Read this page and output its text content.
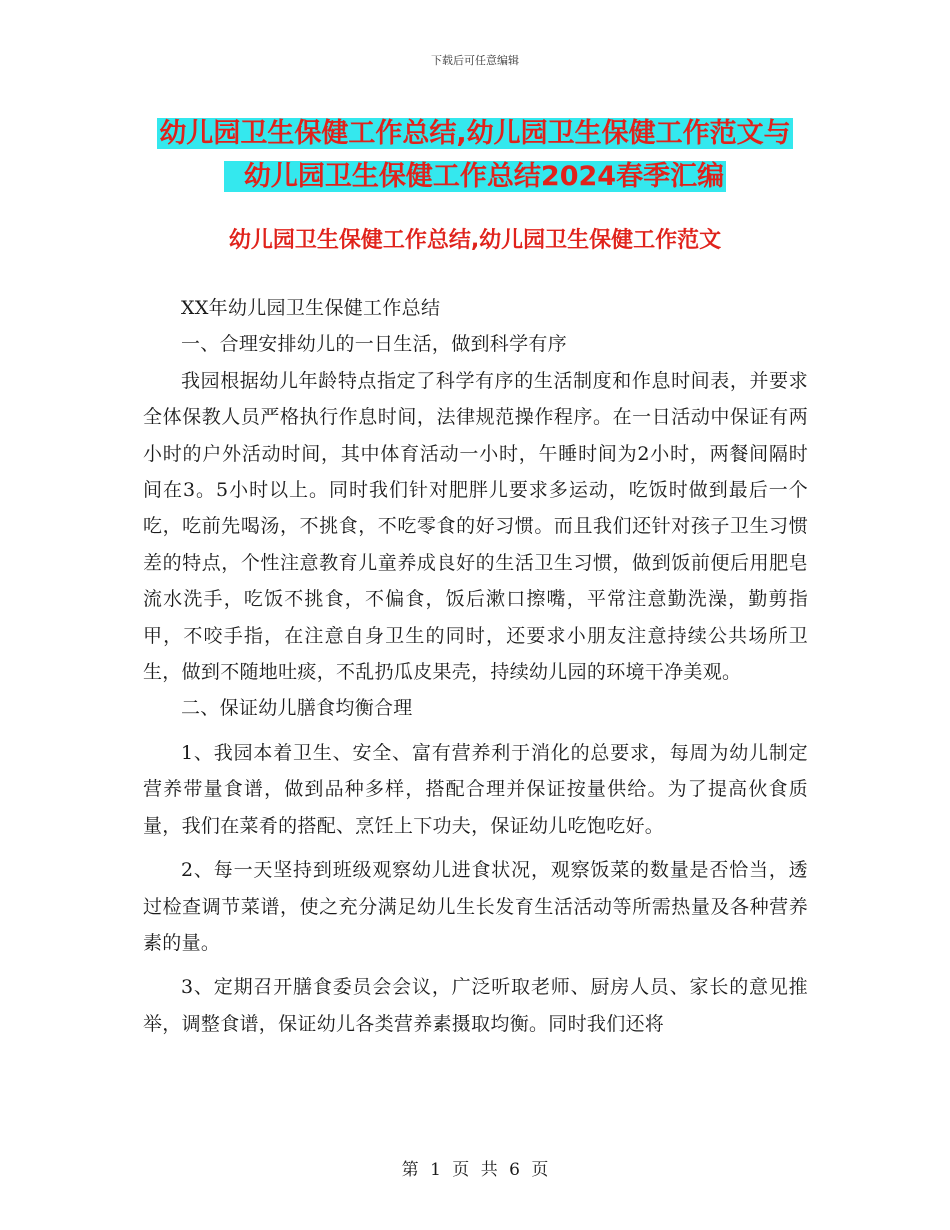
下载后可任意编辑
幼儿园卫生保健工作总结,幼儿园卫生保健工作范文与
幼儿园卫生保健工作总结2024春季汇编
幼儿园卫生保健工作总结,幼儿园卫生保健工作范文

XX年幼儿园卫生保健工作总结

一、合理安排幼儿的一日生活，做到科学有序

我园根据幼儿年龄特点指定了科学有序的生活制度和作息时间表，并要求全体保教人员严格执行作息时间，法律规范操作程序。在一日活动中保证有两小时的户外活动时间，其中体育活动一小时，午睡时间为2小时，两餐间隔时间在3。5小时以上。同时我们针对肥胖儿要求多运动，吃饭时做到最后一个吃，吃前先喝汤，不挑食，不吃零食的好习惯。而且我们还针对孩子卫生习惯差的特点，个性注意教育儿童养成良好的生活卫生习惯，做到饭前便后用肥皂流水洗手，吃饭不挑食，不偏食，饭后漱口擦嘴，平常注意勤洗澡，勤剪指甲，不咬手指，在注意自身卫生的同时，还要求小朋友注意持续公共场所卫生，做到不随地吐痰，不乱扔瓜皮果壳，持续幼儿园的环境干净美观。

二、保证幼儿膳食均衡合理

1、我园本着卫生、安全、富有营养利于消化的总要求，每周为幼儿制定营养带量食谱，做到品种多样，搭配合理并保证按量供给。为了提高伙食质量，我们在菜肴的搭配、烹饪上下功夫，保证幼儿吃饱吃好。

2、每一天坚持到班级观察幼儿进食状况，观察饭菜的数量是否恰当，透过检查调节菜谱，使之充分满足幼儿生长发育生活活动等所需热量及各种营养素的量。

3、定期召开膳食委员会会议，广泛听取老师、厨房人员、家长的意见推举，调整食谱，保证幼儿各类营养素摄取均衡。同时我们还将

第 1 页 共 6 页
